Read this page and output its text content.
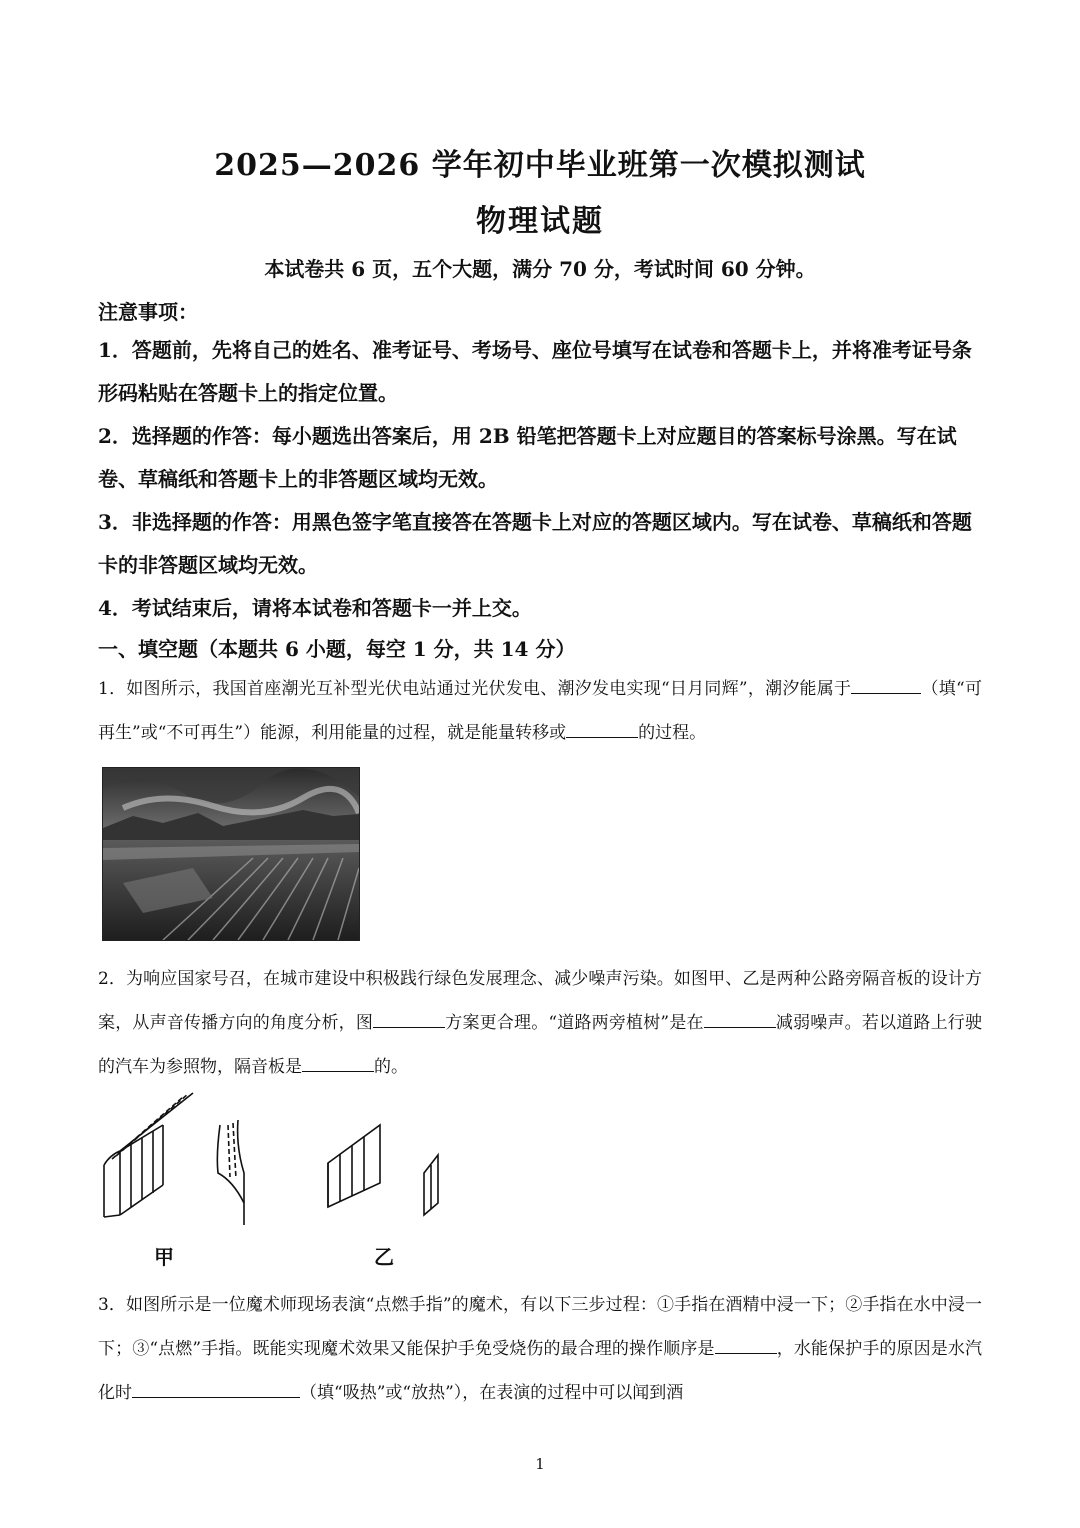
2025—2026 学年初中毕业班第一次模拟测试
物理试题
本试卷共 6 页，五个大题，满分 70 分，考试时间 60 分钟。
注意事项：

1．答题前，先将自己的姓名、准考证号、考场号、座位号填写在试卷和答题卡上，并将准考证号条形码粘贴在答题卡上的指定位置。

2．选择题的作答：每小题选出答案后，用 2B 铅笔把答题卡上对应题目的答案标号涂黑。写在试卷、草稿纸和答题卡上的非答题区域均无效。

3．非选择题的作答：用黑色签字笔直接答在答题卡上对应的答题区域内。写在试卷、草稿纸和答题卡的非答题区域均无效。

4．考试结束后，请将本试卷和答题卡一并上交。

一、填空题（本题共 6 小题，每空 1 分，共 14 分）

1．如图所示，我国首座潮光互补型光伏电站通过光伏发电、潮汐发电实现“日月同辉”，潮汐能属于	（填“可再生”或“不可再生”）能源，利用能量的过程，就是能量转移或	的过程。

2．为响应国家号召，在城市建设中积极践行绿色发展理念、减少噪声污染。如图甲、乙是两种公路旁隔音板的设计方案，从声音传播方向的角度分析，图	方案更合理。“道路两旁植树”是在	减弱噪声。若以道路上行驶的汽车为参照物，隔音板是	的。

甲	乙

3．如图所示是一位魔术师现场表演“点燃手指”的魔术，有以下三步过程：①手指在酒精中浸一下；②手指在水中浸一下；③“点燃”手指。既能实现魔术效果又能保护手免受烧伤的最合理的操作顺序是	，水能保护手的原因是水汽化时	（填“吸热”或“放热”），在表演的过程中可以闻到酒

1
